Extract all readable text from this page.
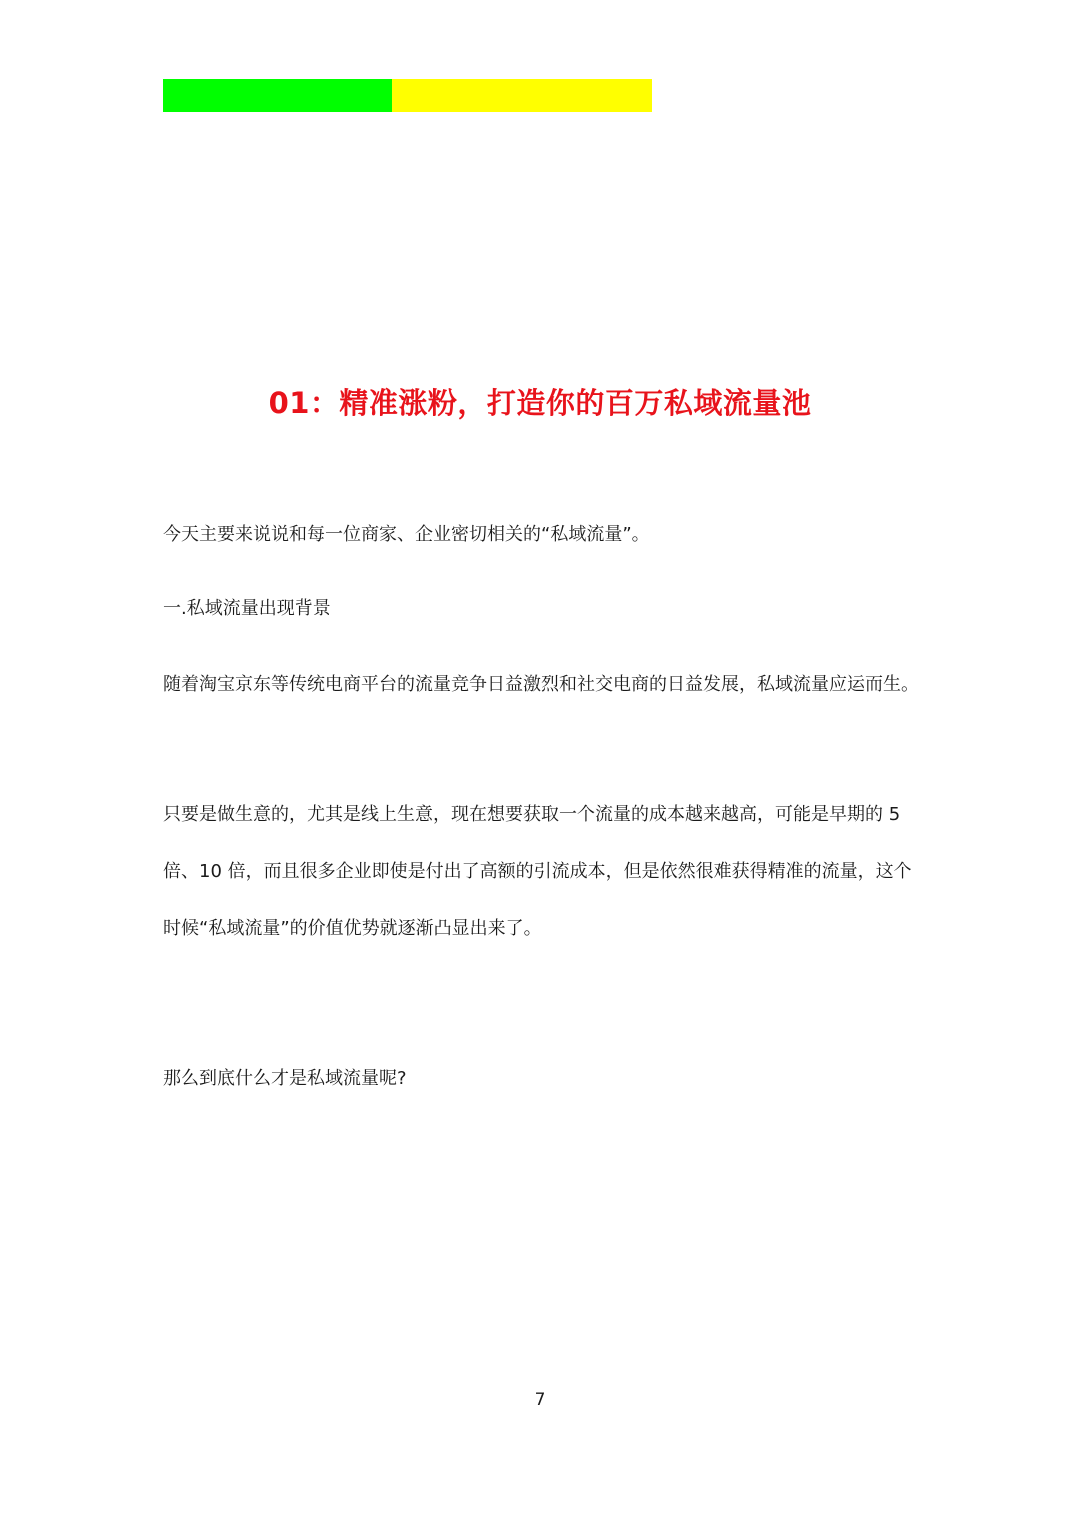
01：精准涨粉，打造你的百万私域流量池

今天主要来说说和每一位商家、企业密切相关的“私域流量”。

一.私域流量出现背景

随着淘宝京东等传统电商平台的流量竞争日益激烈和社交电商的日益发展，私域流量应运而生。

只要是做生意的，尤其是线上生意，现在想要获取一个流量的成本越来越高，可能是早期的 5 倍、10 倍，而且很多企业即使是付出了高额的引流成本，但是依然很难获得精准的流量，这个时候“私域流量”的价值优势就逐渐凸显出来了。

那么到底什么才是私域流量呢?

7
